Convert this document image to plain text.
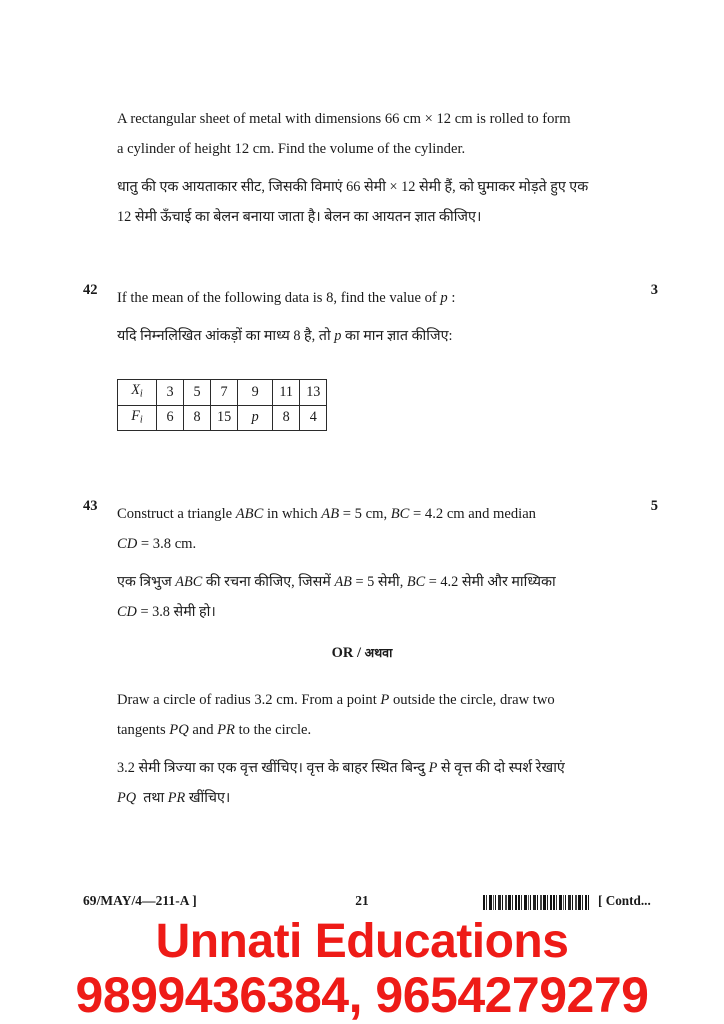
A rectangular sheet of metal with dimensions 66 cm × 12 cm is rolled to form

a cylinder of height 12 cm. Find the volume of the cylinder.

धातु की एक आयताकार सीट, जिसकी विमाएं 66 सेमी × 12 सेमी हैं, को घुमाकर मोड़ते हुए एक

12 सेमी ऊँचाई का बेलन बनाया जाता है। बेलन का आयतन ज्ञात कीजिए।

42	3

If the mean of the following data is 8, find the value of p :

यदि निम्नलिखित आंकड़ों का माध्य 8 है, तो p का मान ज्ञात कीजिए:

$X_i$	3	5	7	9	11	13
$F_i$	6	8	15	p	8	4
43	5

Construct a triangle ABC in which AB = 5 cm, BC = 4.2 cm and median

CD = 3.8 cm.

एक त्रिभुज ABC की रचना कीजिए, जिसमें AB = 5 सेमी, BC = 4.2 सेमी और माध्यिका

CD = 3.8 सेमी हो।

OR / अथवा

Draw a circle of radius 3.2 cm. From a point P outside the circle, draw two

tangents PQ and PR to the circle.

3.2 सेमी त्रिज्या का एक वृत्त खींचिए। वृत्त के बाहर स्थित बिन्दु P से वृत्त की दो स्पर्श रेखाएं

PQ  तथा PR खींचिए।

69/MAY/4—211-A ]	21	[ Contd...
Unnati Educations
9899436384, 9654279279
